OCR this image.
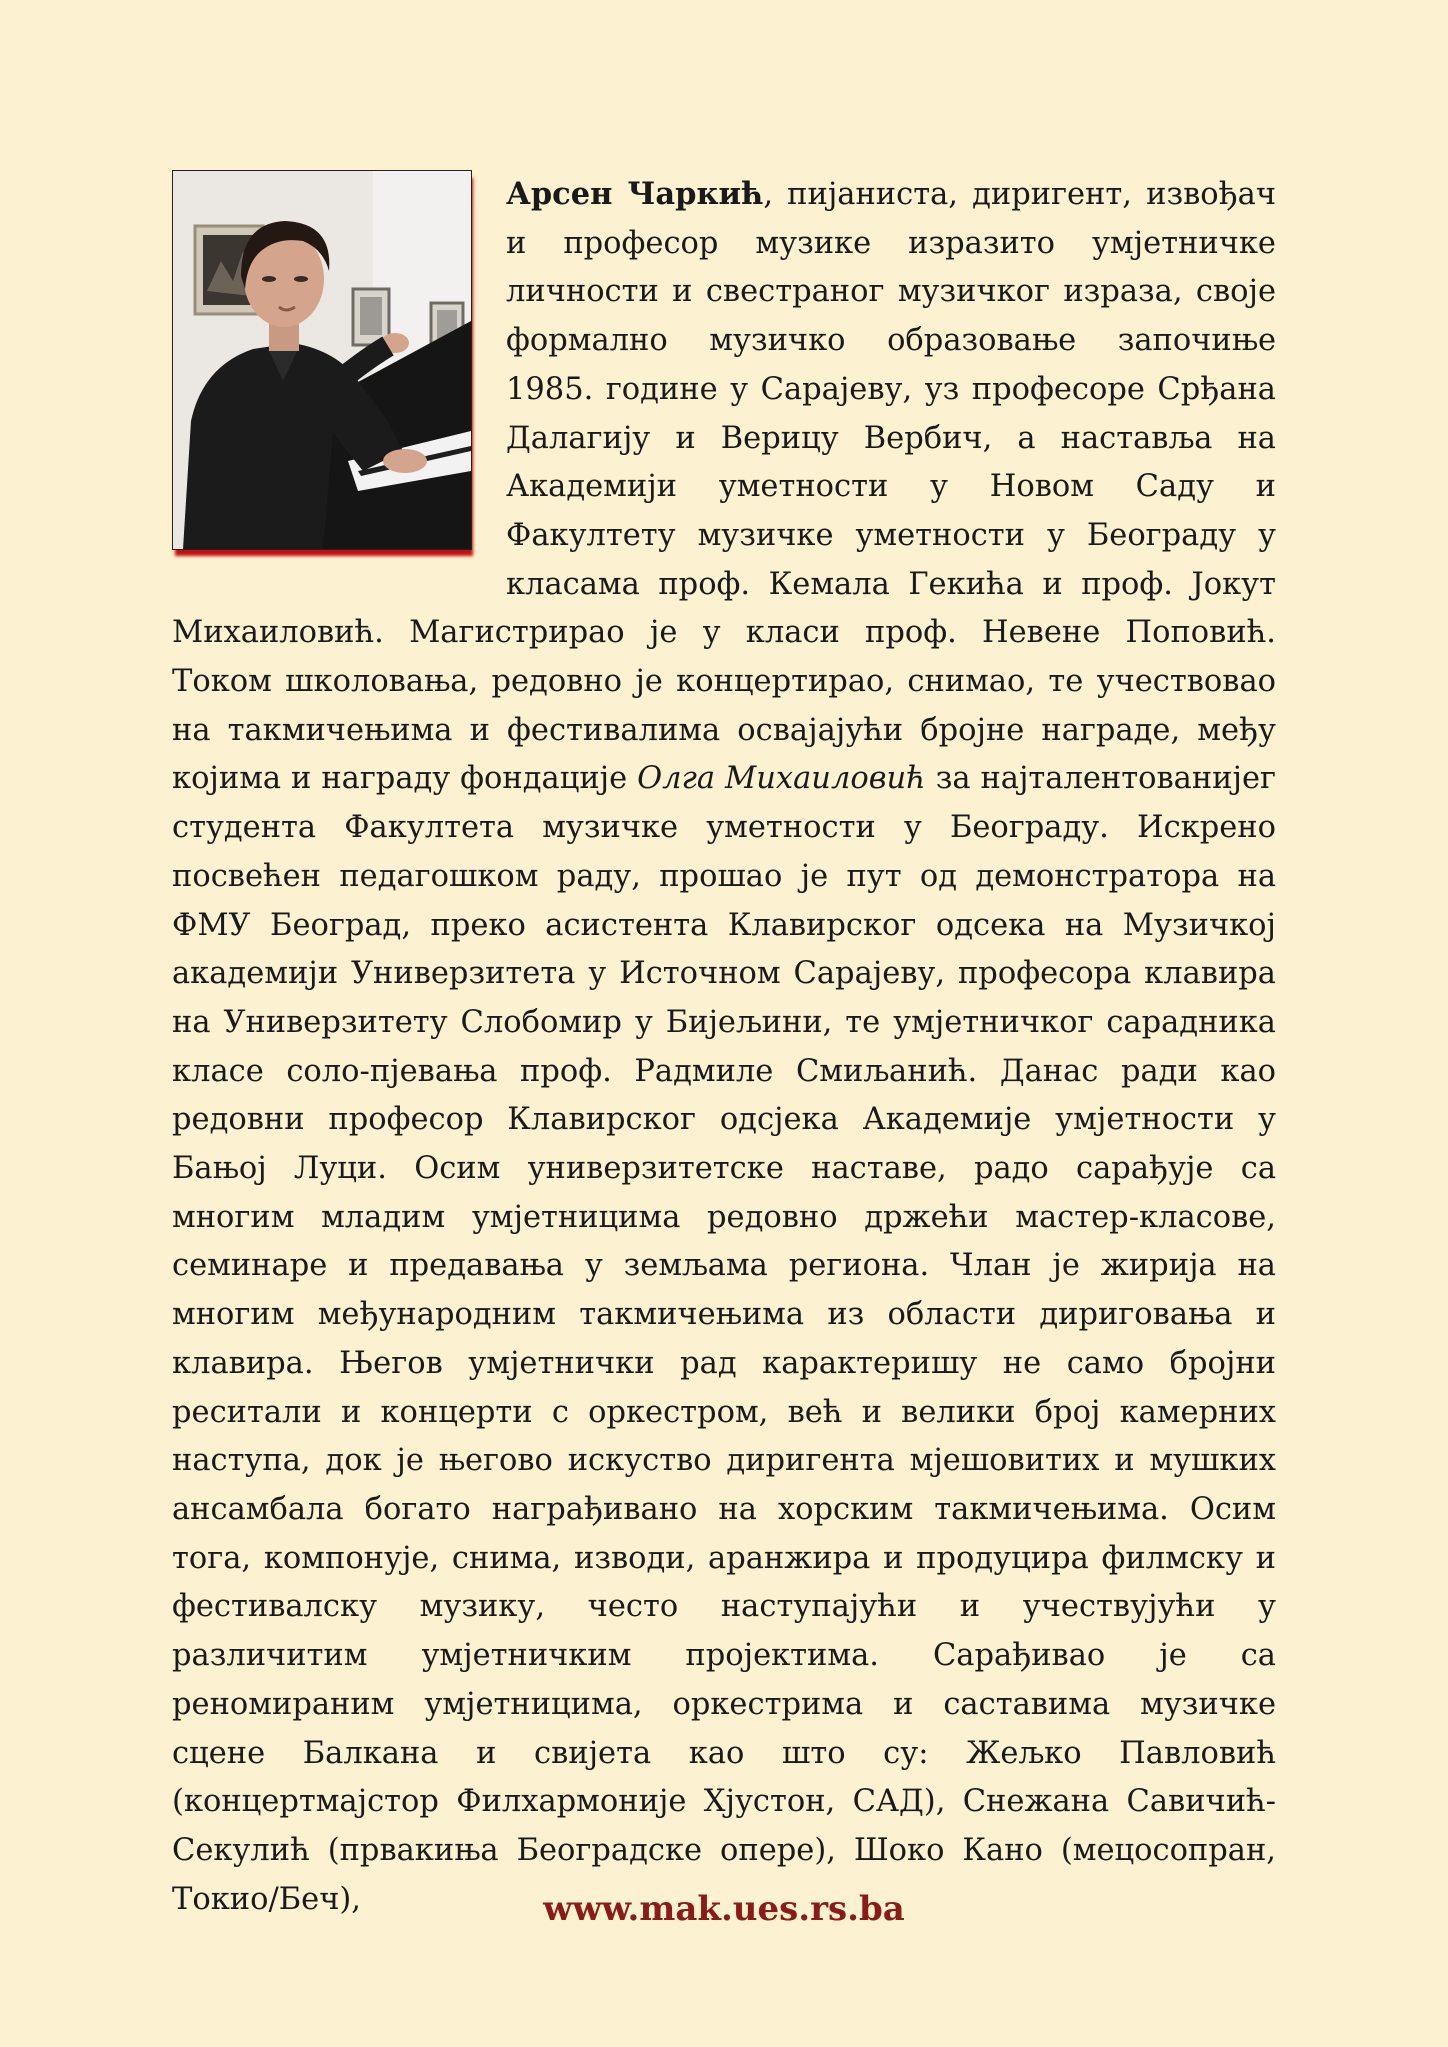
Арсен Чаркић, пијаниста, диригент, извођач и професор музике изразито умјетничке личности и свестраног музичког израза, своје формално музичко образовање започиње 1985. године у Сарајеву, уз професоре Срђана Далагију и Верицу Вербич, а наставља на Академији уметности у Новом Саду и Факултету музичке уметности у Београду у класама проф. Кемала Гекића и проф. Јокут Михаиловић. Магистрирао је у класи проф. Невене Поповић. Током школовања, редовно је концертирао, снимао, те учествовао на такмичењима и фестивалима освајајући бројне награде, међу којима и награду фондације Олга Михаиловић за најталентованијег студента Факултета музичке уметности у Београду. Искрено посвећен педагошком раду, прошао је пут од демонстратора на ФМУ Београд, преко асистента Клавирског одсека на Музичкој академији Универзитета у Источном Сарајеву, професора клавира на Универзитету Слобомир у Бијељини, те умјетничког сарадника класе соло-пјевања проф. Радмиле Смиљанић. Данас ради као редовни професор Клавирског одсјека Академије умјетности у Бањој Луци. Осим универзитетске наставе, радо сарађује са многим младим умјетницима редовно држећи мастер-класове, семинаре и предавања у земљама региона. Члан је жирија на многим међународним такмичењима из области дириговања и клавира. Његов умјетнички рад карактеришу не само бројни реситали и концерти с оркестром, већ и велики број камерних наступа, док је његово искуство диригента мјешовитих и мушких ансамбала богато награђивано на хорским такмичењима. Осим тога, компонује, снима, изводи, аранжира и продуцира филмску и фестивалску музику, често наступајући и учествујући у различитим умјетничким пројектима. Сарађивао је са реномираним умјетницима, оркестрима и саставима музичке сцене Балкана и свијета као што су: Жељко Павловић (концертмајстор Филхармоније Хјустон, САД), Снежана Савичић-Секулић (првакиња Београдске опере), Шоко Кано (мецосопран, Токио/Беч),	www.mak.ues.rs.ba
